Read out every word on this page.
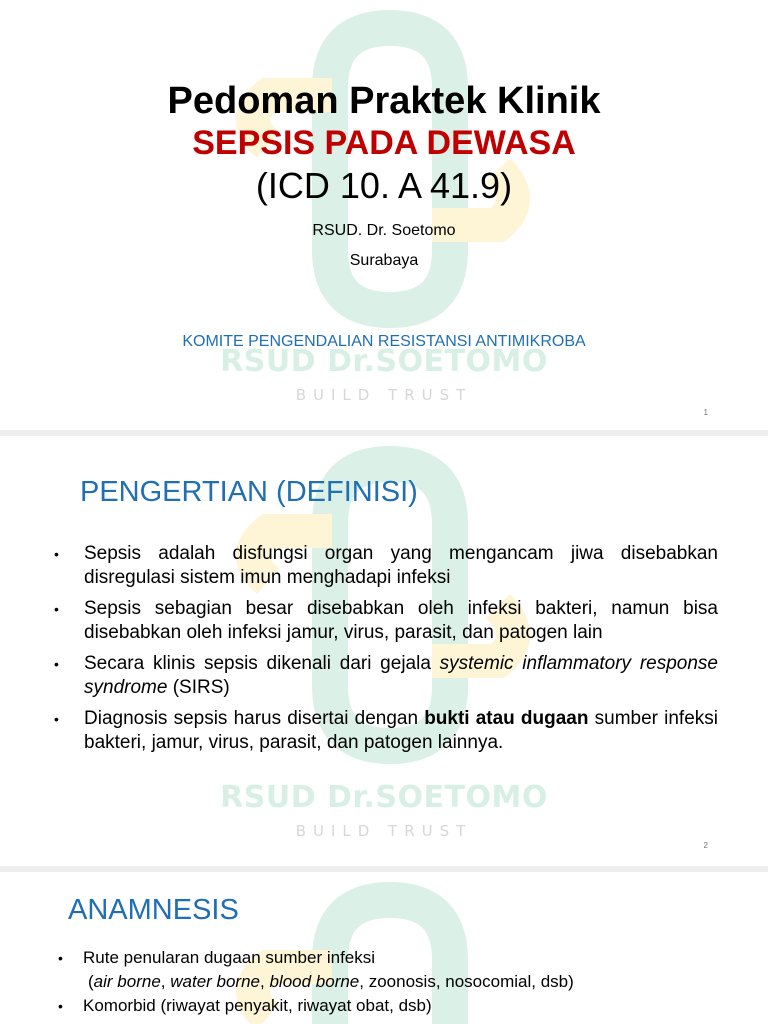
RSUD Dr.SOETOMO
BUILD TRUST
Pedoman Praktek Klinik
SEPSIS PADA DEWASA
(ICD 10. A 41.9)
RSUD. Dr. Soetomo
Surabaya
KOMITE PENGENDALIAN RESISTANSI ANTIMIKROBA
1
RSUD Dr.SOETOMO
BUILD TRUST
PENGERTIAN (DEFINISI)
• Sepsis adalah disfungsi organ yang mengancam jiwa disebabkan disregulasi sistem imun menghadapi infeksi
• Sepsis sebagian besar disebabkan oleh infeksi bakteri, namun bisa disebabkan oleh infeksi jamur, virus, parasit, dan patogen lain
• Secara klinis sepsis dikenali dari gejala systemic inflammatory response syndrome (SIRS)
• Diagnosis sepsis harus disertai dengan bukti atau dugaan sumber infeksi bakteri, jamur, virus, parasit, dan patogen lainnya.
2
ANAMNESIS
• Rute penularan dugaan sumber infeksi
(air borne, water borne, blood borne, zoonosis, nosocomial, dsb)
• Komorbid (riwayat penyakit, riwayat obat, dsb)
